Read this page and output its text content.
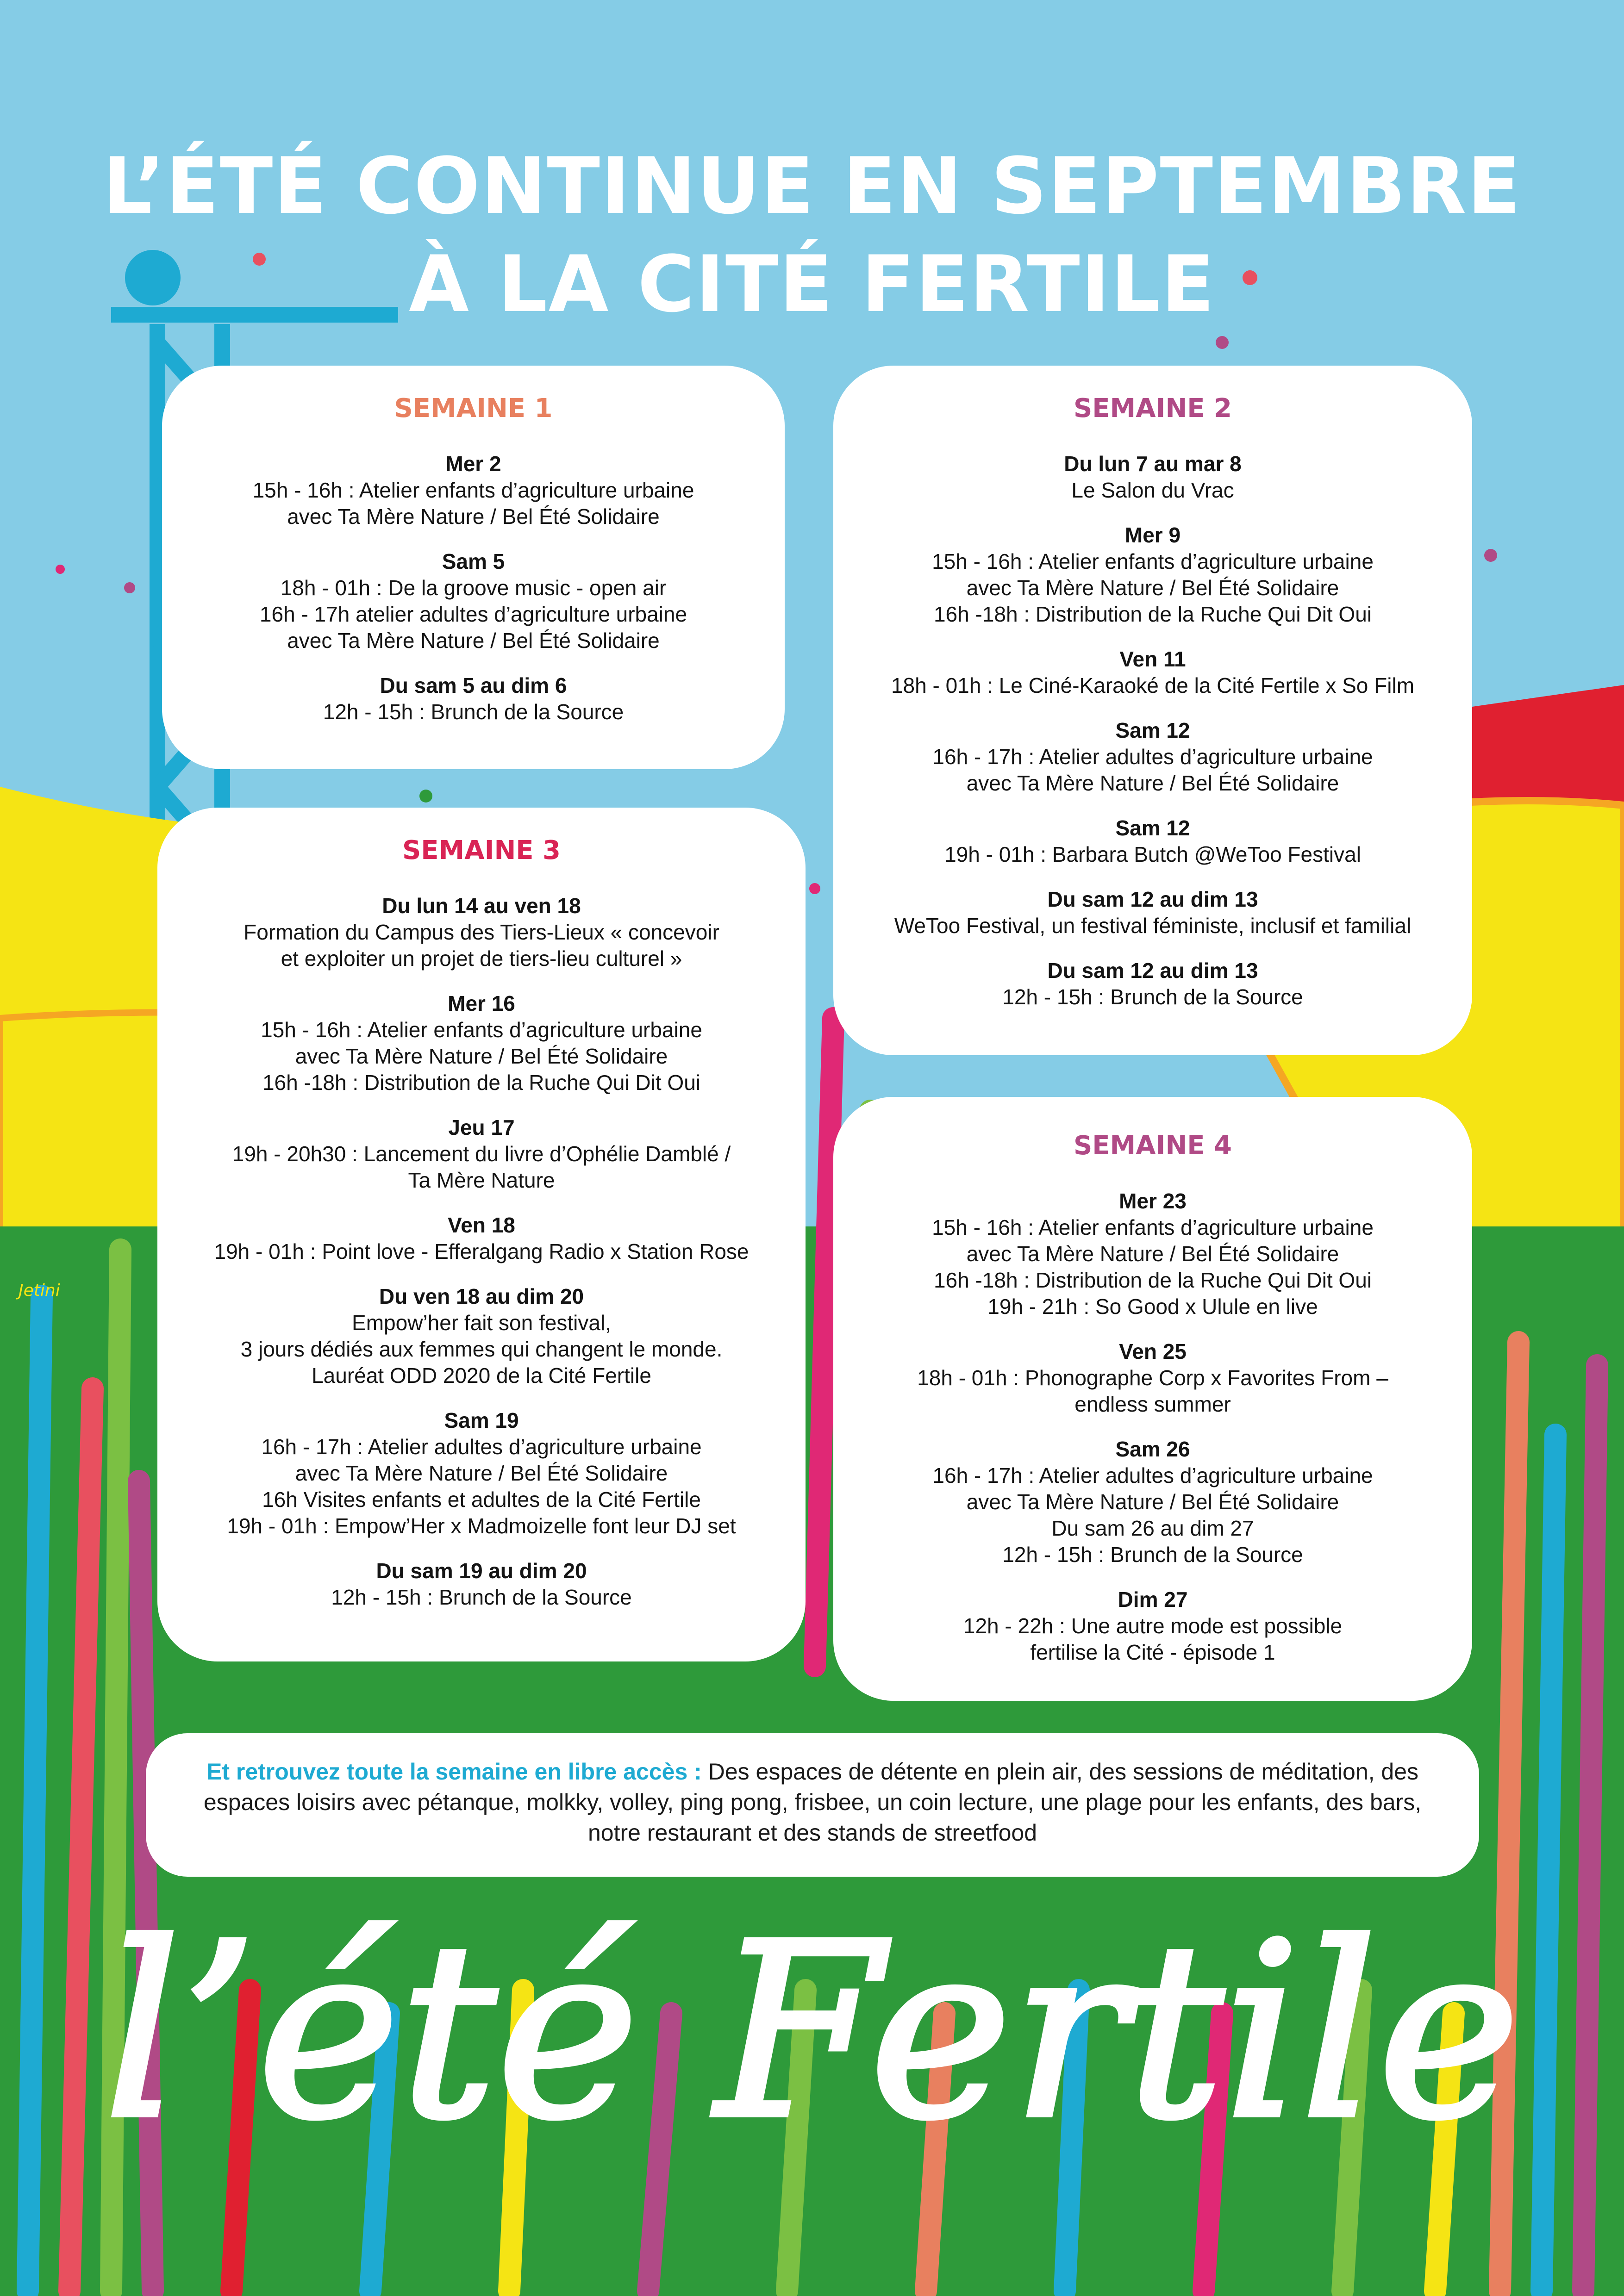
Jetini
L’ÉTÉ CONTINUE EN SEPTEMBRE
À LA CITÉ FERTILE
SEMAINE 1
Mer 2
15h - 16h : Atelier enfants d’agriculture urbaine
avec Ta Mère Nature / Bel Été Solidaire
Sam 5
18h - 01h : De la groove music - open air
16h - 17h atelier adultes d’agriculture urbaine
avec Ta Mère Nature / Bel Été Solidaire
Du sam 5 au dim 6
12h - 15h : Brunch de la Source
SEMAINE 2
Du lun 7 au mar 8
Le Salon du Vrac
Mer 9
15h - 16h : Atelier enfants d’agriculture urbaine
avec Ta Mère Nature / Bel Été Solidaire
16h -18h : Distribution de la Ruche Qui Dit Oui
Ven 11
18h - 01h : Le Ciné-Karaoké de la Cité Fertile x So Film
Sam 12
16h - 17h : Atelier adultes d’agriculture urbaine
avec Ta Mère Nature / Bel Été Solidaire
Sam 12
19h - 01h : Barbara Butch @WeToo Festival
Du sam 12 au dim 13
WeToo Festival, un festival féministe, inclusif et familial
Du sam 12 au dim 13
12h - 15h : Brunch de la Source
SEMAINE 3
Du lun 14 au ven 18
Formation du Campus des Tiers-Lieux « concevoir
et exploiter un projet de tiers-lieu culturel »
Mer 16
15h - 16h : Atelier enfants d’agriculture urbaine
avec Ta Mère Nature / Bel Été Solidaire
16h -18h : Distribution de la Ruche Qui Dit Oui
Jeu 17
19h - 20h30 : Lancement du livre d’Ophélie Damblé /
Ta Mère Nature
Ven 18
19h - 01h : Point love - Efferalgang Radio x Station Rose
Du ven 18 au dim 20
Empow’her fait son festival,
3 jours dédiés aux femmes qui changent le monde.
Lauréat ODD 2020 de la Cité Fertile
Sam 19
16h - 17h : Atelier adultes d’agriculture urbaine
avec Ta Mère Nature / Bel Été Solidaire
16h Visites enfants et adultes de la Cité Fertile
19h - 01h : Empow’Her x Madmoizelle font leur DJ set
Du sam 19 au dim 20
12h - 15h : Brunch de la Source
SEMAINE 4
Mer 23
15h - 16h : Atelier enfants d’agriculture urbaine
avec Ta Mère Nature / Bel Été Solidaire
16h -18h : Distribution de la Ruche Qui Dit Oui
19h - 21h : So Good x Ulule en live
Ven 25
18h - 01h : Phonographe Corp x Favorites From –
endless summer
Sam 26
16h - 17h : Atelier adultes d’agriculture urbaine
avec Ta Mère Nature / Bel Été Solidaire
Du sam 26 au dim 27
12h - 15h : Brunch de la Source
Dim 27
12h - 22h : Une autre mode est possible
fertilise la Cité - épisode 1
Et retrouvez toute la semaine en libre accès : Des espaces de détente en plein air, des sessions de méditation, des espaces loisirs avec pétanque, molkky, volley, ping pong, frisbee, un coin lecture, une plage pour les enfants, des bars, notre restaurant et des stands de streetfood
l’été Fertile
